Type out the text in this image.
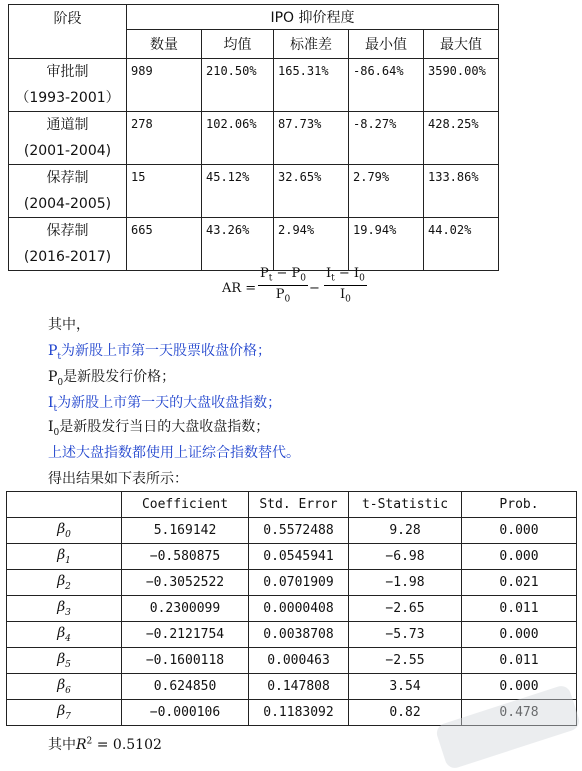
阶段	IPO 抑价程度				
	数量	均值	标准差	最小值	最大值

审批制
（1993-2001）	989	210.50%	165.31%	-86.64%	3590.00%

通道制
(2001-2004)	278	102.06%	87.73%	-8.27%	428.25%

保荐制
(2004-2005)	15	45.12%	32.65%	2.79%	133.86%

保荐制
(2016-2017)	665	43.26%	2.94%	19.94%	44.02%
AR = $\frac{P_t - P_0}{P_0} - \frac{I_t - I_0}{I_0}$
其中，
$P_t$为新股上市第一天股票收盘价格；
$P_0$是新股发行价格；
$I_t$为新股上市第一天的大盘收盘指数；
$I_0$是新股发行当日的大盘收盘指数；
上述大盘指数都使用上证综合指数替代。
得出结果如下表所示：
	Coefficient	Std. Error	t-Statistic	Prob.
$\beta_0$	5.169142	0.5572488	9.28	0.000
$\beta_1$	−0.580875	0.0545941	−6.98	0.000
$\beta_2$	−0.3052522	0.0701909	−1.98	0.021
$\beta_3$	0.2300099	0.0000408	−2.65	0.011
$\beta_4$	−0.2121754	0.0038708	−5.73	0.000
$\beta_5$	−0.1600118	0.000463	−2.55	0.011
$\beta_6$	0.624850	0.147808	3.54	0.000
$\beta_7$	−0.000106	0.1183092	0.82	0.478
其中$R^2 = 0.5102$
